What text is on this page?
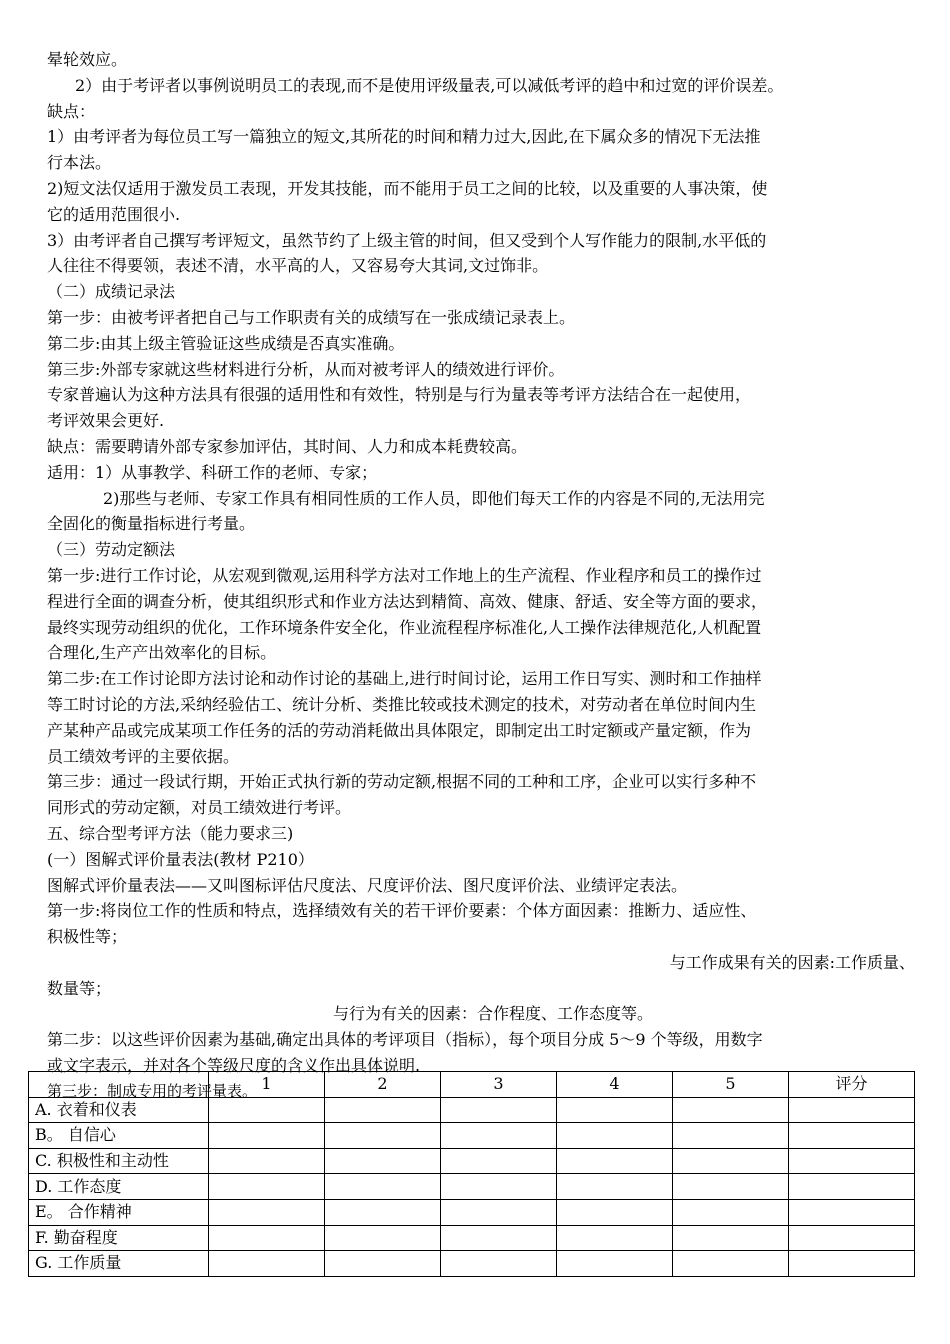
晕轮效应。
2）由于考评者以事例说明员工的表现,而不是使用评级量表,可以减低考评的趋中和过宽的评价误差。
缺点：
1）由考评者为每位员工写一篇独立的短文,其所花的时间和精力过大,因此,在下属众多的情况下无法推
行本法。
2)短文法仅适用于激发员工表现，开发其技能，而不能用于员工之间的比较，以及重要的人事决策，使
它的适用范围很小.
3）由考评者自己撰写考评短文，虽然节约了上级主管的时间，但又受到个人写作能力的限制,水平低的
人往往不得要领，表述不清，水平高的人，又容易夸大其词,文过饰非。
（二）成绩记录法
第一步：由被考评者把自己与工作职责有关的成绩写在一张成绩记录表上。
第二步:由其上级主管验证这些成绩是否真实准确。
第三步:外部专家就这些材料进行分析，从而对被考评人的绩效进行评价。
专家普遍认为这种方法具有很强的适用性和有效性，特别是与行为量表等考评方法结合在一起使用，
考评效果会更好.
缺点：需要聘请外部专家参加评估，其时间、人力和成本耗费较高。
适用：1）从事教学、科研工作的老师、专家；
2)那些与老师、专家工作具有相同性质的工作人员，即他们每天工作的内容是不同的,无法用完
全固化的衡量指标进行考量。
（三）劳动定额法
第一步:进行工作讨论，从宏观到微观,运用科学方法对工作地上的生产流程、作业程序和员工的操作过
程进行全面的调查分析，使其组织形式和作业方法达到精简、高效、健康、舒适、安全等方面的要求，
最终实现劳动组织的优化，工作环境条件安全化，作业流程程序标准化,人工操作法律规范化,人机配置
合理化,生产产出效率化的目标。
第二步:在工作讨论即方法讨论和动作讨论的基础上,进行时间讨论，运用工作日写实、测时和工作抽样
等工时讨论的方法,采纳经验估工、统计分析、类推比较或技术测定的技术，对劳动者在单位时间内生
产某种产品或完成某项工作任务的活的劳动消耗做出具体限定，即制定出工时定额或产量定额，作为
员工绩效考评的主要依据。
第三步：通过一段试行期，开始正式执行新的劳动定额,根据不同的工种和工序，企业可以实行多种不
同形式的劳动定额，对员工绩效进行考评。
五、综合型考评方法（能力要求三)
(一）图解式评价量表法(教材 P210）
图解式评价量表法——又叫图标评估尺度法、尺度评价法、图尺度评价法、业绩评定表法。
第一步:将岗位工作的性质和特点，选择绩效有关的若干评价要素：个体方面因素：推断力、适应性、
积极性等；
与工作成果有关的因素:工作质量、
数量等；
与行为有关的因素：合作程度、工作态度等。
第二步：以这些评价因素为基础,确定出具体的考评项目（指标），每个项目分成 5～9 个等级，用数字
或文字表示，并对各个等级尺度的含义作出具体说明.
第三步：制成专用的考评量表。
	1	2	3	4	5	评分
A. 衣着和仪表						
B。 自信心						
C. 积极性和主动性						
D. 工作态度						
E。 合作精神						
F. 勤奋程度						
G. 工作质量						
